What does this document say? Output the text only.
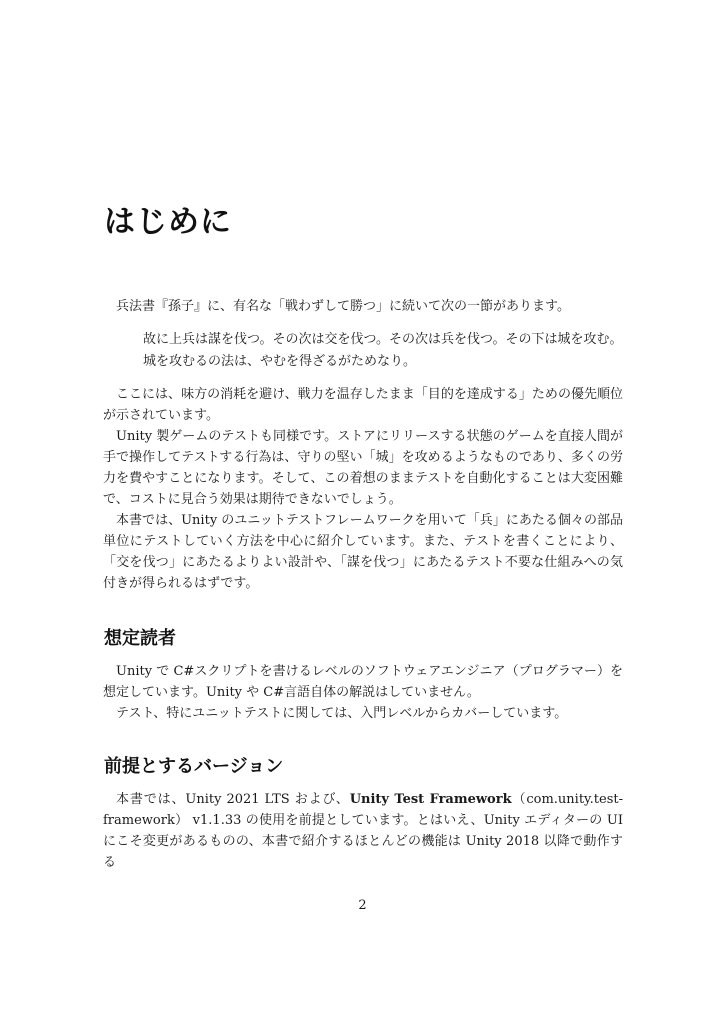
はじめに

兵法書『孫子』に、有名な「戦わずして勝つ」に続いて次の一節があります。

故に上兵は謀を伐つ。その次は交を伐つ。その次は兵を伐つ。その下は城を攻む。

城を攻むるの法は、やむを得ざるがためなり。

ここには、味方の消耗を避け、戦力を温存したまま「目的を達成する」ための優先順位が示されています。

Unity 製ゲームのテストも同様です。ストアにリリースする状態のゲームを直接人間が手で操作してテストする行為は、守りの堅い「城」を攻めるようなものであり、多くの労力を費やすことになります。そして、この着想のままテストを自動化することは大変困難で、コストに見合う効果は期待できないでしょう。

本書では、Unity のユニットテストフレームワークを用いて「兵」にあたる個々の部品単位にテストしていく方法を中心に紹介しています。また、テストを書くことにより、「交を伐つ」にあたるよりよい設計や、「謀を伐つ」にあたるテスト不要な仕組みへの気付きが得られるはずです。

想定読者

Unity で C#スクリプトを書けるレベルのソフトウェアエンジニア（プログラマー）を想定しています。Unity や C#言語自体の解説はしていません。

テスト、特にユニットテストに関しては、入門レベルからカバーしています。

前提とするバージョン

本書では、Unity 2021 LTS および、Unity Test Framework（com.unity.test-framework） v1.1.33 の使用を前提としています。とはいえ、Unity エディターの UI にこそ変更があるものの、本書で紹介するほとんどの機能は Unity 2018 以降で動作する

2
